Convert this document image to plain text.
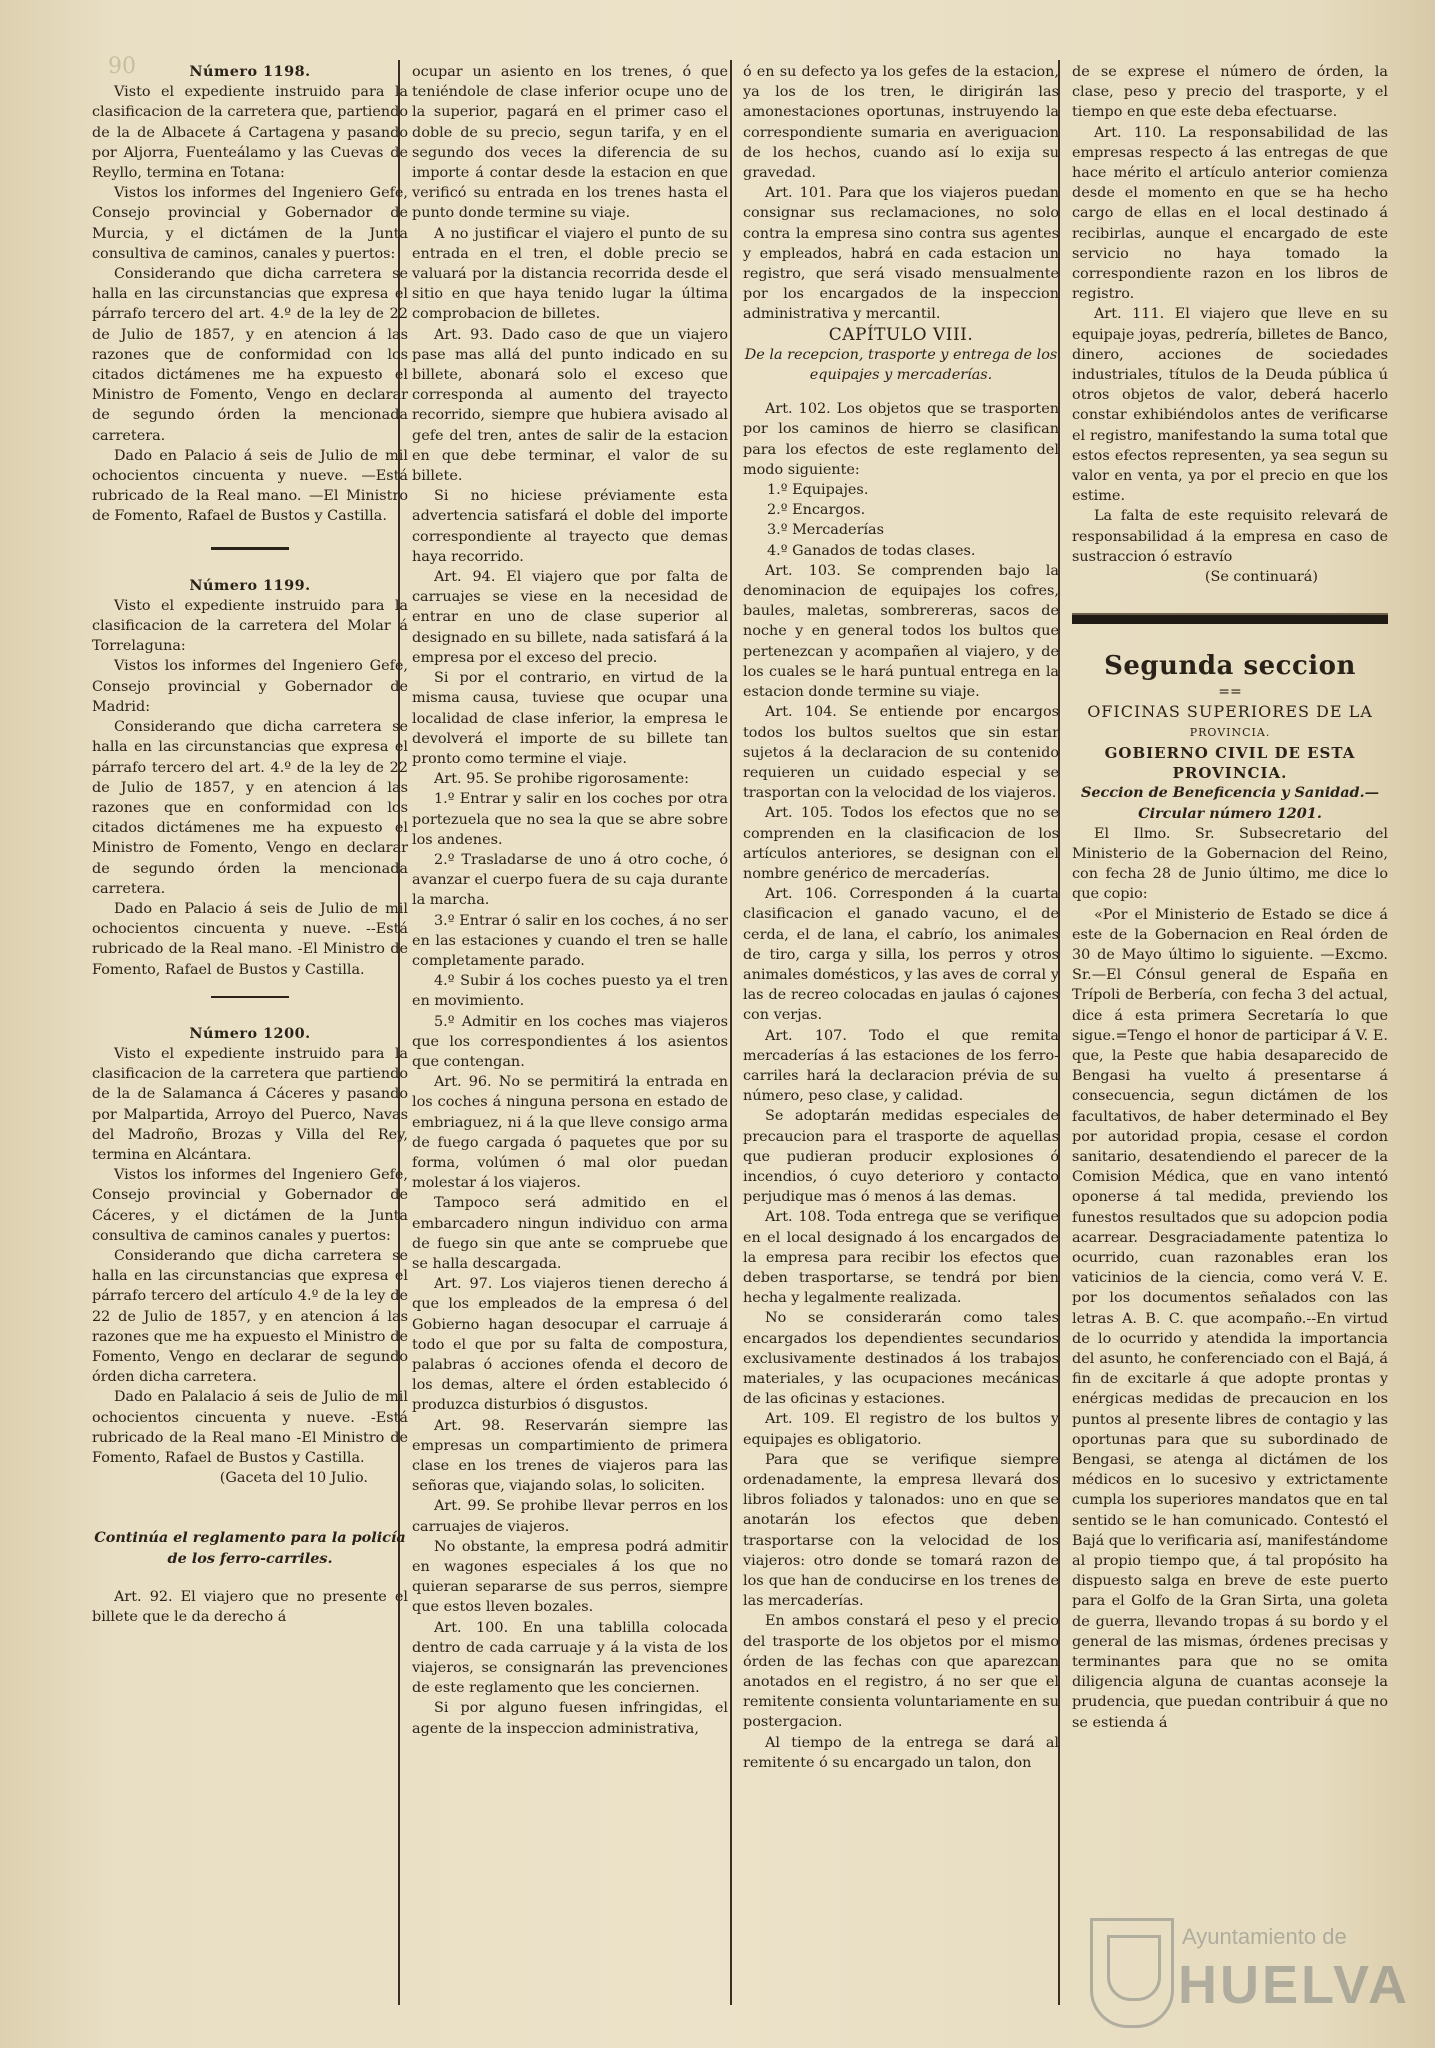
90	Número 1198.

Visto el expediente instruido para la clasificacion de la carretera que, partiendo de la de Albacete á Cartagena y pasando por Aljorra, Fuenteálamo y las Cuevas de Reyllo, termina en Totana:

Vistos los informes del Ingeniero Gefe, Consejo provincial y Gobernador de Murcia, y el dictámen de la Junta consultiva de caminos, canales y puertos:

Considerando que dicha carretera se halla en las circunstancias que expresa el párrafo tercero del art. 4.º de la ley de 22 de Julio de 1857, y en atencion á las razones que de conformidad con los citados dictámenes me ha expuesto el Ministro de Fomento, Vengo en declarar de segundo órden la mencionada carretera.

Dado en Palacio á seis de Julio de mil ochocientos cincuenta y nueve. —Está rubricado de la Real mano. —El Ministro de Fomento, Rafael de Bustos y Castilla.

Número 1199.

Visto el expediente instruido para la clasificacion de la carretera del Molar á Torrelaguna:

Vistos los informes del Ingeniero Gefe, Consejo provincial y Gobernador de Madrid:

Considerando que dicha carretera se halla en las circunstancias que expresa el párrafo tercero del art. 4.º de la ley de 22 de Julio de 1857, y en atencion á las razones que en conformidad con los citados dictámenes me ha expuesto el Ministro de Fomento, Vengo en declarar de segundo órden la mencionada carretera.

Dado en Palacio á seis de Julio de mil ochocientos cincuenta y nueve. --Está rubricado de la Real mano. -El Ministro de Fomento, Rafael de Bustos y Castilla.

Número 1200.

Visto el expediente instruido para la clasificacion de la carretera que partiendo de la de Salamanca á Cáceres y pasando por Malpartida, Arroyo del Puerco, Navas del Madroño, Brozas y Villa del Rey, termina en Alcántara.

Vistos los informes del Ingeniero Gefe, Consejo provincial y Gobernador de Cáceres, y el dictámen de la Junta consultiva de caminos canales y puertos:

Considerando que dicha carretera se halla en las circunstancias que expresa el párrafo tercero del artículo 4.º de la ley de 22 de Julio de 1857, y en atencion á las razones que me ha expuesto el Ministro de Fomento, Vengo en declarar de segundo órden dicha carretera.

Dado en Palalacio á seis de Julio de mil ochocientos cincuenta y nueve. -Está rubricado de la Real mano -El Ministro de Fomento, Rafael de Bustos y Castilla.

(Gaceta del 10 Julio.

Continúa el reglamento para la policía de los ferro-carriles.

Art. 92. El viajero que no presente el billete que le da derecho á

ocupar un asiento en los trenes, ó que teniéndole de clase inferior ocupe uno de la superior, pagará en el primer caso el doble de su precio, segun tarifa, y en el segundo dos veces la diferencia de su importe á contar desde la estacion en que verificó su entrada en los trenes hasta el punto donde termine su viaje.

A no justificar el viajero el punto de su entrada en el tren, el doble precio se valuará por la distancia recorrida desde el sitio en que haya tenido lugar la última comprobacion de billetes.

Art. 93. Dado caso de que un viajero pase mas allá del punto indicado en su billete, abonará solo el exceso que corresponda al aumento del trayecto recorrido, siempre que hubiera avisado al gefe del tren, antes de salir de la estacion en que debe terminar, el valor de su billete.

Si no hiciese préviamente esta advertencia satisfará el doble del importe correspondiente al trayecto que demas haya recorrido.

Art. 94. El viajero que por falta de carruajes se viese en la necesidad de entrar en uno de clase superior al designado en su billete, nada satisfará á la empresa por el exceso del precio.

Si por el contrario, en virtud de la misma causa, tuviese que ocupar una localidad de clase inferior, la empresa le devolverá el importe de su billete tan pronto como termine el viaje.

Art. 95. Se prohibe rigorosamente:

1.º Entrar y salir en los coches por otra portezuela que no sea la que se abre sobre los andenes.

2.º Trasladarse de uno á otro coche, ó avanzar el cuerpo fuera de su caja durante la marcha.

3.º Entrar ó salir en los coches, á no ser en las estaciones y cuando el tren se halle completamente parado.

4.º Subir á los coches puesto ya el tren en movimiento.

5.º Admitir en los coches mas viajeros que los correspondientes á los asientos que contengan.

Art. 96. No se permitirá la entrada en los coches á ninguna persona en estado de embriaguez, ni á la que lleve consigo arma de fuego cargada ó paquetes que por su forma, volúmen ó mal olor puedan molestar á los viajeros.

Tampoco será admitido en el embarcadero ningun individuo con arma de fuego sin que ante se compruebe que se halla descargada.

Art. 97. Los viajeros tienen derecho á que los empleados de la empresa ó del Gobierno hagan desocupar el carruaje á todo el que por su falta de compostura, palabras ó acciones ofenda el decoro de los demas, altere el órden establecido ó produzca disturbios ó disgustos.

Art. 98. Reservarán siempre las empresas un compartimiento de primera clase en los trenes de viajeros para las señoras que, viajando solas, lo soliciten.

Art. 99. Se prohibe llevar perros en los carruajes de viajeros.

No obstante, la empresa podrá admitir en wagones especiales á los que no quieran separarse de sus perros, siempre que estos lleven bozales.

Art. 100. En una tablilla colocada dentro de cada carruaje y á la vista de los viajeros, se consignarán las prevenciones de este reglamento que les conciernen.

Si por alguno fuesen infringidas, el agente de la inspeccion administrativa,

ó en su defecto ya los gefes de la estacion, ya los de los tren, le dirigirán las amonestaciones oportunas, instruyendo la correspondiente sumaria en averiguacion de los hechos, cuando así lo exija su gravedad.

Art. 101. Para que los viajeros puedan consignar sus reclamaciones, no solo contra la empresa sino contra sus agentes y empleados, habrá en cada estacion un registro, que será visado mensualmente por los encargados de la inspeccion administrativa y mercantil.

CAPÍTULO VIII.

De la recepcion, trasporte y entrega de los equipajes y mercaderías.

Art. 102. Los objetos que se trasporten por los caminos de hierro se clasifican para los efectos de este reglamento del modo siguiente:

1.º Equipajes.
2.º Encargos.
3.º Mercaderías
4.º Ganados de todas clases.

Art. 103. Se comprenden bajo la denominacion de equipajes los cofres, baules, maletas, sombrereras, sacos de noche y en general todos los bultos que pertenezcan y acompañen al viajero, y de los cuales se le hará puntual entrega en la estacion donde termine su viaje.

Art. 104. Se entiende por encargos todos los bultos sueltos que sin estar sujetos á la declaracion de su contenido requieren un cuidado especial y se trasportan con la velocidad de los viajeros.

Art. 105. Todos los efectos que no se comprenden en la clasificacion de los artículos anteriores, se designan con el nombre genérico de mercaderías.

Art. 106. Corresponden á la cuarta clasificacion el ganado vacuno, el de cerda, el de lana, el cabrío, los animales de tiro, carga y silla, los perros y otros animales domésticos, y las aves de corral y las de recreo colocadas en jaulas ó cajones con verjas.

Art. 107. Todo el que remita mercaderías á las estaciones de los ferro-carriles hará la declaracion prévia de su número, peso clase, y calidad.

Se adoptarán medidas especiales de precaucion para el trasporte de aquellas que pudieran producir explosiones ó incendios, ó cuyo deterioro y contacto perjudique mas ó menos á las demas.

Art. 108. Toda entrega que se verifique en el local designado á los encargados de la empresa para recibir los efectos que deben trasportarse, se tendrá por bien hecha y legalmente realizada.

No se considerarán como tales encargados los dependientes secundarios exclusivamente destinados á los trabajos materiales, y las ocupaciones mecánicas de las oficinas y estaciones.

Art. 109. El registro de los bultos y equipajes es obligatorio.

Para que se verifique siempre ordenadamente, la empresa llevará dos libros foliados y talonados: uno en que se anotarán los efectos que deben trasportarse con la velocidad de los viajeros: otro donde se tomará razon de los que han de conducirse en los trenes de las mercaderías.

En ambos constará el peso y el precio del trasporte de los objetos por el mismo órden de las fechas con que aparezcan anotados en el registro, á no ser que el remitente consienta voluntariamente en su postergacion.

Al tiempo de la entrega se dará al remitente ó su encargado un talon, don

de se exprese el número de órden, la clase, peso y precio del trasporte, y el tiempo en que este deba efectuarse.

Art. 110. La responsabilidad de las empresas respecto á las entregas de que hace mérito el artículo anterior comienza desde el momento en que se ha hecho cargo de ellas en el local destinado á recibirlas, aunque el encargado de este servicio no haya tomado la correspondiente razon en los libros de registro.

Art. 111. El viajero que lleve en su equipaje joyas, pedrería, billetes de Banco, dinero, acciones de sociedades industriales, títulos de la Deuda pública ú otros objetos de valor, deberá hacerlo constar exhibiéndolos antes de verificarse el registro, manifestando la suma total que estos efectos representen, ya sea segun su valor en venta, ya por el precio en que los estime.

La falta de este requisito relevará de responsabilidad á la empresa en caso de sustraccion ó estravío

(Se continuará)

Segunda seccion

==

OFICINAS SUPERIORES DE LA

PROVINCIA.

GOBIERNO CIVIL DE ESTA PROVINCIA.

Seccion de Beneficencia y Sanidad.— Circular número 1201.

El Ilmo. Sr. Subsecretario del Ministerio de la Gobernacion del Reino, con fecha 28 de Junio último, me dice lo que copio:

«Por el Ministerio de Estado se dice á este de la Gobernacion en Real órden de 30 de Mayo último lo siguiente. —Excmo. Sr.—El Cónsul general de España en Trípoli de Berbería, con fecha 3 del actual, dice á esta primera Secretaría lo que sigue.=Tengo el honor de participar á V. E. que, la Peste que habia desaparecido de Bengasi ha vuelto á presentarse á consecuencia, segun dictámen de los facultativos, de haber determinado el Bey por autoridad propia, cesase el cordon sanitario, desatendiendo el parecer de la Comision Médica, que en vano intentó oponerse á tal medida, previendo los funestos resultados que su adopcion podia acarrear. Desgraciadamente patentiza lo ocurrido, cuan razonables eran los vaticinios de la ciencia, como verá V. E. por los documentos señalados con las letras A. B. C. que acompaño.--En virtud de lo ocurrido y atendida la importancia del asunto, he conferenciado con el Bajá, á fin de excitarle á que adopte prontas y enérgicas medidas de precaucion en los puntos al presente libres de contagio y las oportunas para que su subordinado de Bengasi, se atenga al dictámen de los médicos en lo sucesivo y extrictamente cumpla los superiores mandatos que en tal sentido se le han comunicado. Contestó el Bajá que lo verificaria así, manifestándome al propio tiempo que, á tal propósito ha dispuesto salga en breve de este puerto para el Golfo de la Gran Sirta, una goleta de guerra, llevando tropas á su bordo y el general de las mismas, órdenes precisas y terminantes para que no se omita diligencia alguna de cuantas aconseje la prudencia, que puedan contribuir á que no se estienda á

Ayuntamiento de
HUELVA
